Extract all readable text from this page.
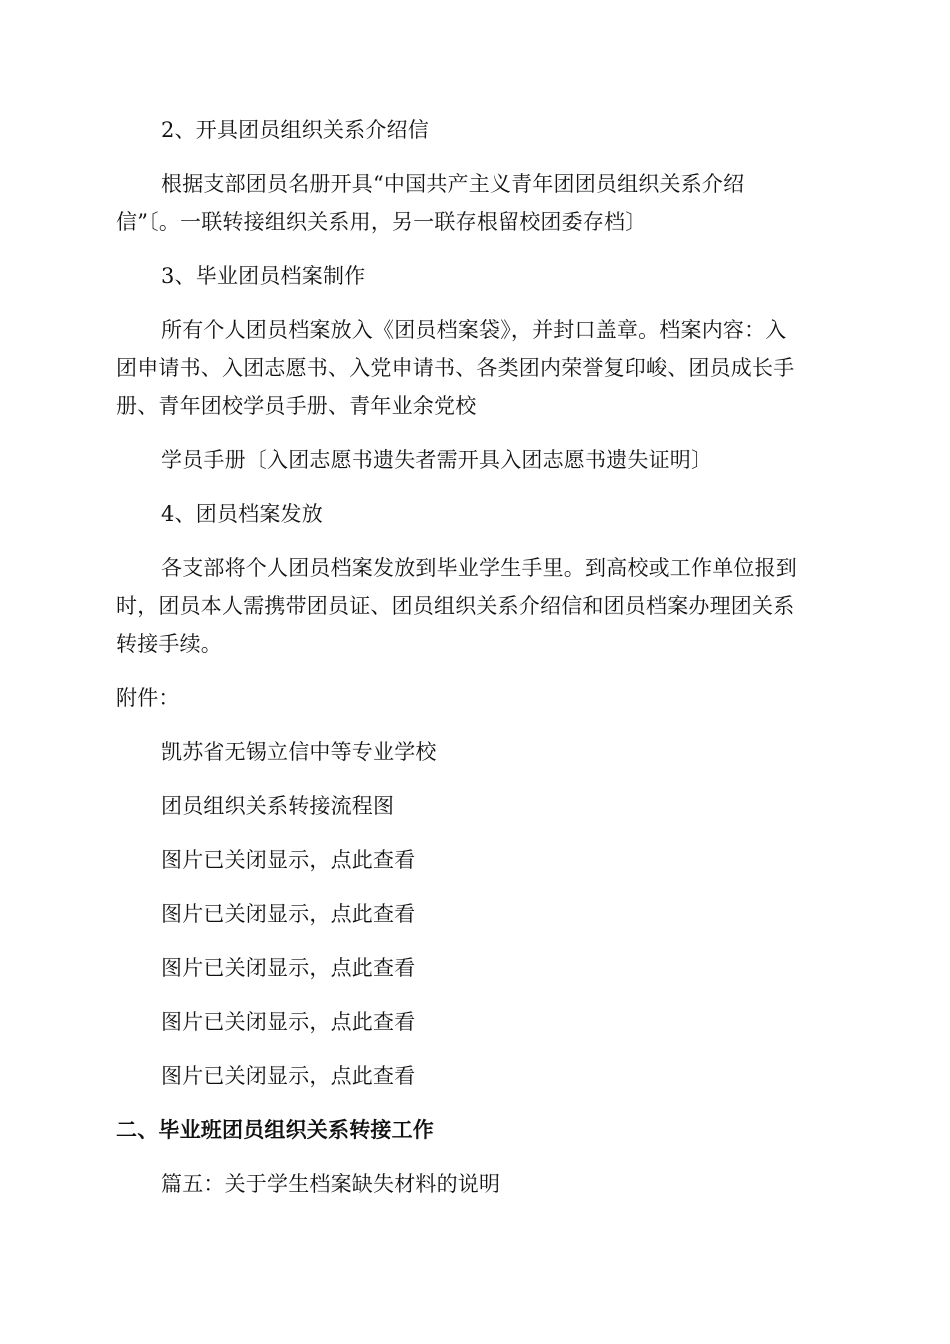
2、开具团员组织关系介绍信
根据支部团员名册开具“中国共产主义青年团团员组织关系介绍
信”〔。一联转接组织关系用，另一联存根留校团委存档〕
3、毕业团员档案制作
所有个人团员档案放入《团员档案袋》，并封口盖章。档案内容：入
团申请书、入团志愿书、入党申请书、各类团内荣誉复印峻、团员成长手
册、青年团校学员手册、青年业余党校
学员手册〔入团志愿书遗失者需开具入团志愿书遗失证明〕
4、团员档案发放
各支部将个人团员档案发放到毕业学生手里。到高校或工作单位报到
时，团员本人需携带团员证、团员组织关系介绍信和团员档案办理团关系
转接手续。
附件：
凯苏省无锡立信中等专业学校
团员组织关系转接流程图
图片已关闭显示，点此查看
图片已关闭显示，点此查看
图片已关闭显示，点此查看
图片已关闭显示，点此查看
图片已关闭显示，点此查看
二、毕业班团员组织关系转接工作
篇五：关于学生档案缺失材料的说明
